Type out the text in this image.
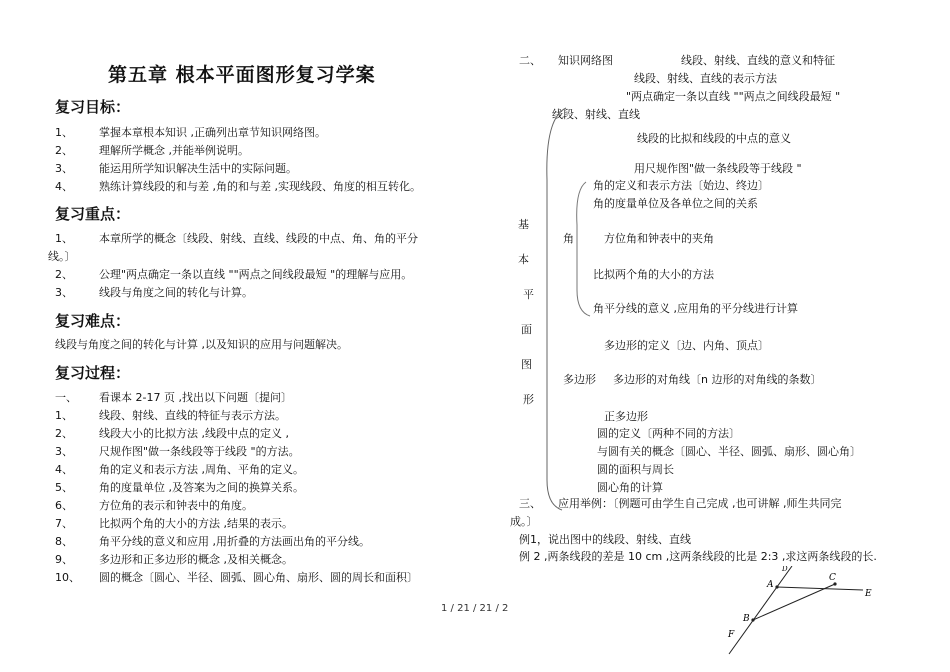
第五章 根本平面图形复习学案
复习目标：
1、 掌握本章根本知识 ,正确列出章节知识网络图。
2、 理解所学概念 ,并能举例说明。
3、 能运用所学知识解决生活中的实际问题。
4、 熟练计算线段的和与差 ,角的和与差 ,实现线段、角度的相互转化。
复习重点：
1、 本章所学的概念〔线段、射线、直线、线段的中点、角、角的平分
线。〕
2、 公理"两点确定一条以直线 ""两点之间线段最短 "的理解与应用。
3、 线段与角度之间的转化与计算。
复习难点：
线段与角度之间的转化与计算 ,以及知识的应用与问题解决。
复习过程：
一、 看课本 2-17 页 ,找出以下问题〔提问〕
1、 线段、射线、直线的特征与表示方法。
2、 线段大小的比拟方法 ,线段中点的定义 ,
3、 尺规作图"做一条线段等于线段 "的方法。
4、 角的定义和表示方法 ,周角、平角的定义。
5、 角的度量单位 ,及答案为之间的换算关系。
6、 方位角的表示和钟表中的角度。
7、 比拟两个角的大小的方法 ,结果的表示。
8、 角平分线的意义和应用 ,用折叠的方法画出角的平分线。
9、 多边形和正多边形的概念 ,及相关概念。
10、 圆的概念〔圆心、半径、圆弧、圆心角、扇形、圆的周长和面积〕
二、 知识网络图
基
本
平
面
图
形
线段、射线、直线
角
多边形
线段、射线、直线的意义和特征
线段、射线、直线的表示方法
"两点确定一条以直线 ""两点之间线段最短 "
线段的比拟和线段的中点的意义
用尺规作图"做一条线段等于线段 "
角的定义和表示方法〔始边、终边〕
角的度量单位及各单位之间的关系
方位角和钟表中的夹角
比拟两个角的大小的方法
角平分线的意义 ,应用角的平分线进行计算
多边形的定义〔边、内角、顶点〕
多边形的对角线〔n 边形的对角线的条数〕
正多边形
圆的定义〔两种不同的方法〕
与圆有关的概念〔圆心、半径、圆弧、扇形、圆心角〕
圆的面积与周长
圆心角的计算
三、 应用举例：〔例题可由学生自己完成 ,也可讲解 ,师生共同完
成。〕
例1，说出图中的线段、射线、直线
例 2 ,两条线段的差是 10 cm ,这两条线段的比是 2:3 ,求这两条线段的长.
A
C
E
B
F
D
1 / 21 / 21 / 2
